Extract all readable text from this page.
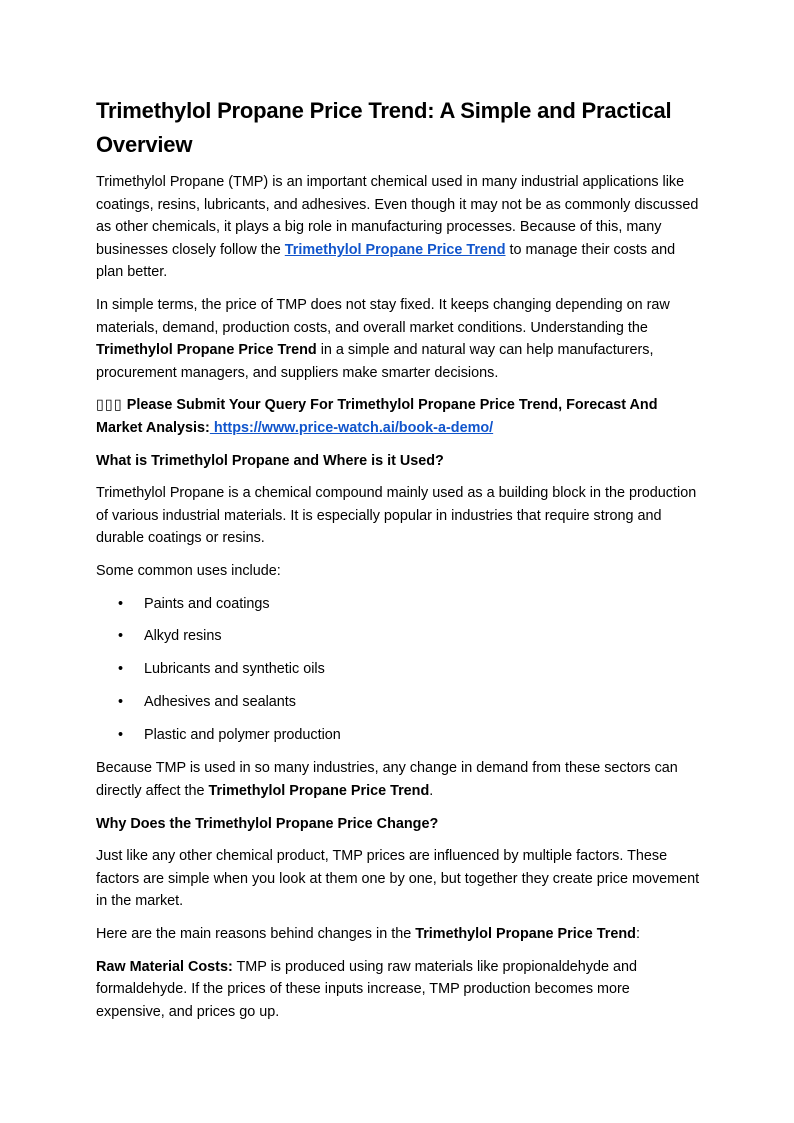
Trimethylol Propane Price Trend: A Simple and Practical Overview

Trimethylol Propane (TMP) is an important chemical used in many industrial applications like coatings, resins, lubricants, and adhesives. Even though it may not be as commonly discussed as other chemicals, it plays a big role in manufacturing processes. Because of this, many businesses closely follow the Trimethylol Propane Price Trend to manage their costs and plan better.

In simple terms, the price of TMP does not stay fixed. It keeps changing depending on raw materials, demand, production costs, and overall market conditions. Understanding the Trimethylol Propane Price Trend in a simple and natural way can help manufacturers, procurement managers, and suppliers make smarter decisions.

▯▯▯ Please Submit Your Query For Trimethylol Propane Price Trend, Forecast And Market Analysis: https://www.price-watch.ai/book-a-demo/

What is Trimethylol Propane and Where is it Used?

Trimethylol Propane is a chemical compound mainly used as a building block in the production of various industrial materials. It is especially popular in industries that require strong and durable coatings or resins.

Some common uses include:

• Paints and coatings
• Alkyd resins
• Lubricants and synthetic oils
• Adhesives and sealants
• Plastic and polymer production

Because TMP is used in so many industries, any change in demand from these sectors can directly affect the Trimethylol Propane Price Trend.

Why Does the Trimethylol Propane Price Change?

Just like any other chemical product, TMP prices are influenced by multiple factors. These factors are simple when you look at them one by one, but together they create price movement in the market.

Here are the main reasons behind changes in the Trimethylol Propane Price Trend:

Raw Material Costs: TMP is produced using raw materials like propionaldehyde and formaldehyde. If the prices of these inputs increase, TMP production becomes more expensive, and prices go up.
